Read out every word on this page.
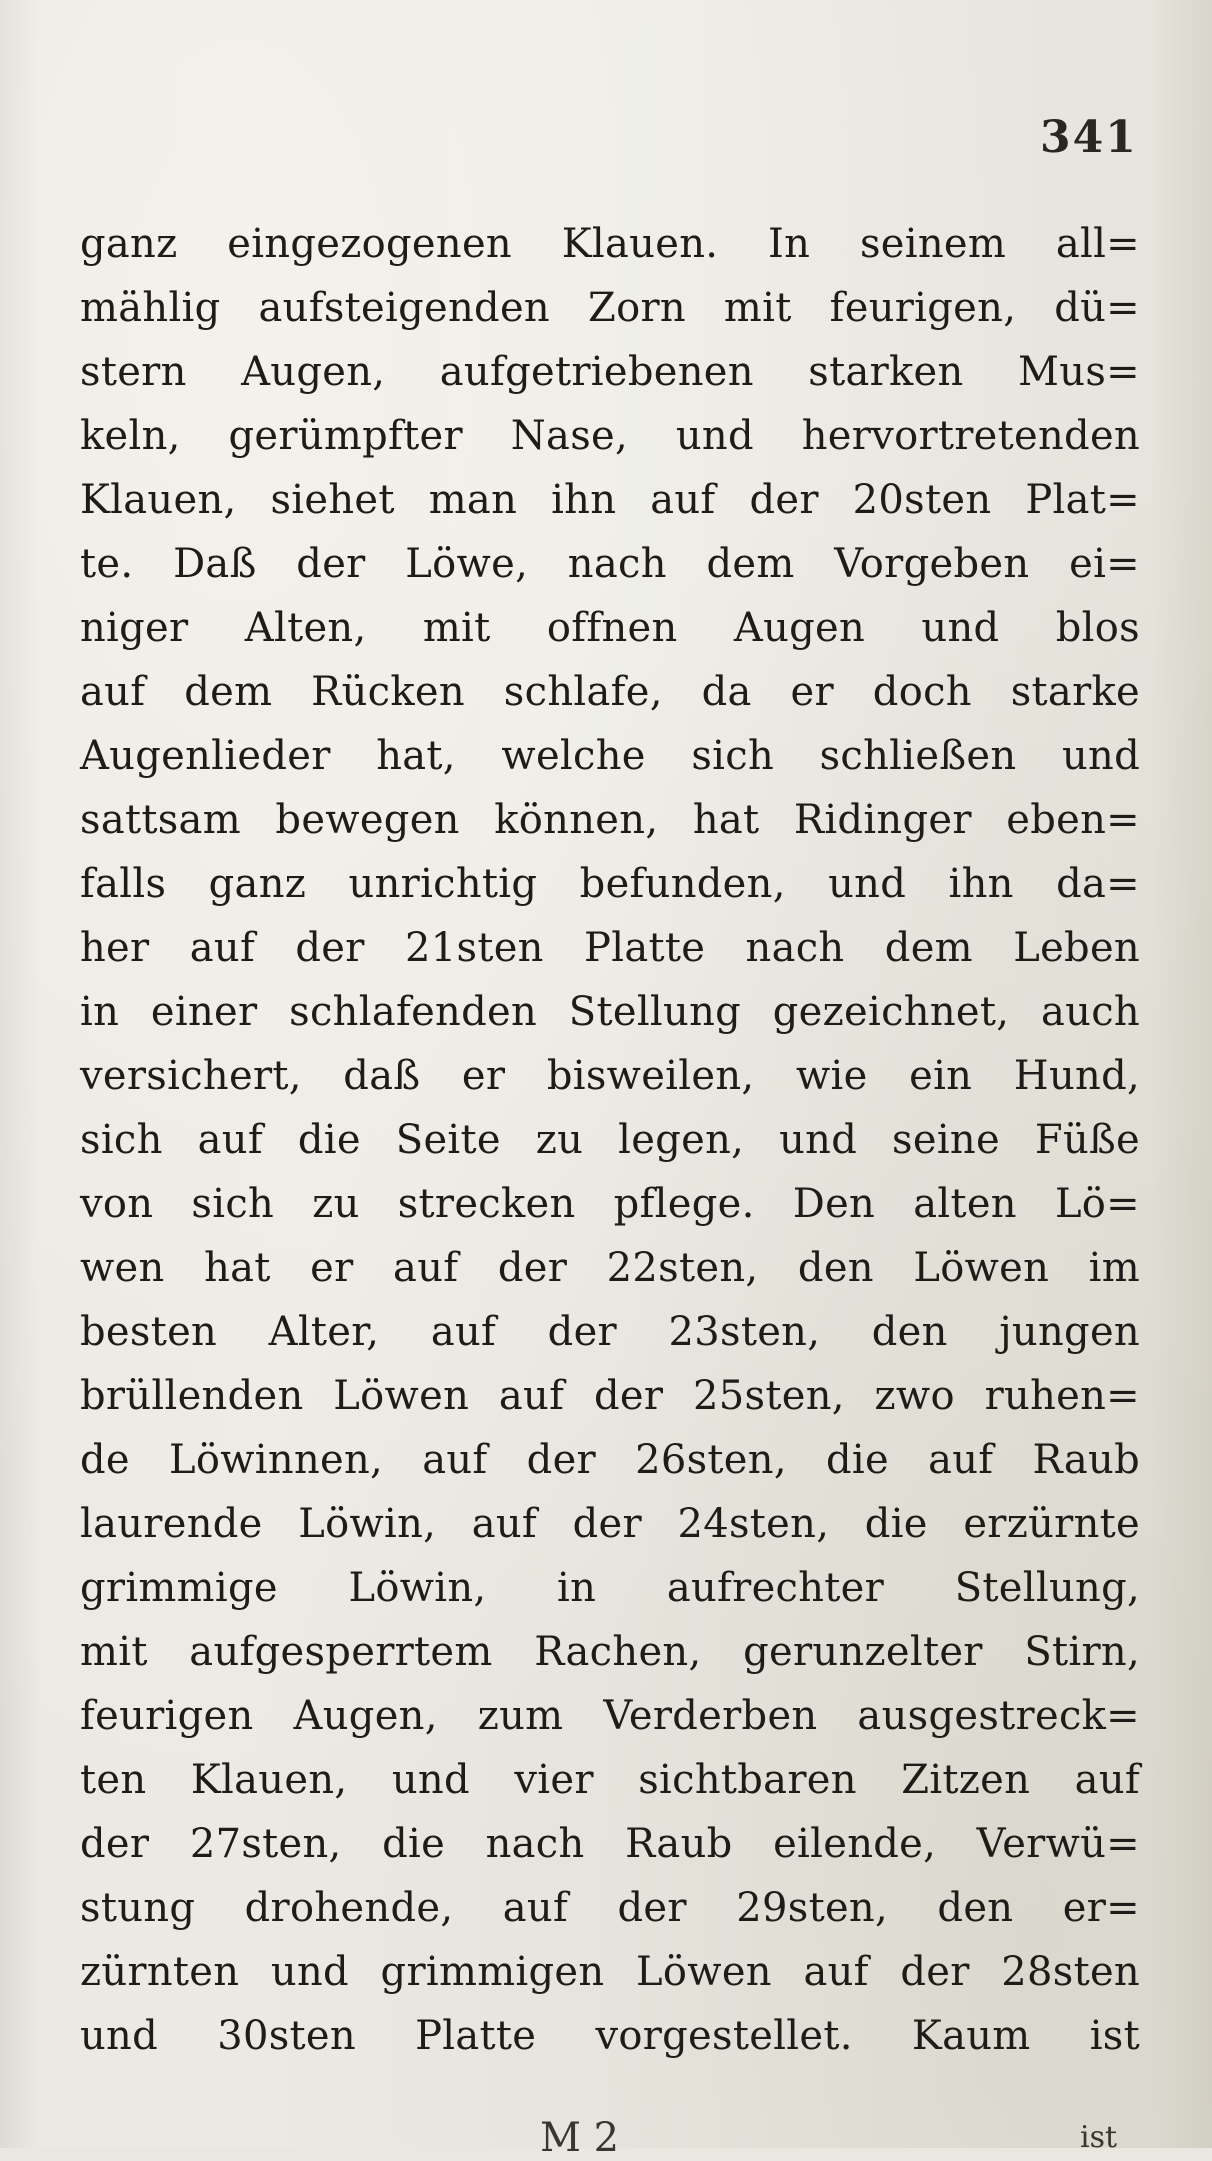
341
ganz eingezogenen Klauen. In seinem all=
mählig aufsteigenden Zorn mit feurigen, dü=
stern Augen, aufgetriebenen starken Mus=
keln, gerümpfter Nase, und hervortretenden
Klauen, siehet man ihn auf der 20sten Plat=
te. Daß der Löwe, nach dem Vorgeben ei=
niger Alten, mit offnen Augen und blos
auf dem Rücken schlafe, da er doch starke
Augenlieder hat, welche sich schließen und
sattsam bewegen können, hat Ridinger eben=
falls ganz unrichtig befunden, und ihn da=
her auf der 21sten Platte nach dem Leben
in einer schlafenden Stellung gezeichnet, auch
versichert, daß er bisweilen, wie ein Hund,
sich auf die Seite zu legen, und seine Füße
von sich zu strecken pflege. Den alten Lö=
wen hat er auf der 22sten, den Löwen im
besten Alter, auf der 23sten, den jungen
brüllenden Löwen auf der 25sten, zwo ruhen=
de Löwinnen, auf der 26sten, die auf Raub
laurende Löwin, auf der 24sten, die erzürnte
grimmige Löwin, in aufrechter Stellung,
mit aufgesperrtem Rachen, gerunzelter Stirn,
feurigen Augen, zum Verderben ausgestreck=
ten Klauen, und vier sichtbaren Zitzen auf
der 27sten, die nach Raub eilende, Verwü=
stung drohende, auf der 29sten, den er=
zürnten und grimmigen Löwen auf der 28sten
und 30sten Platte vorgestellet. Kaum ist
M 2	ist
